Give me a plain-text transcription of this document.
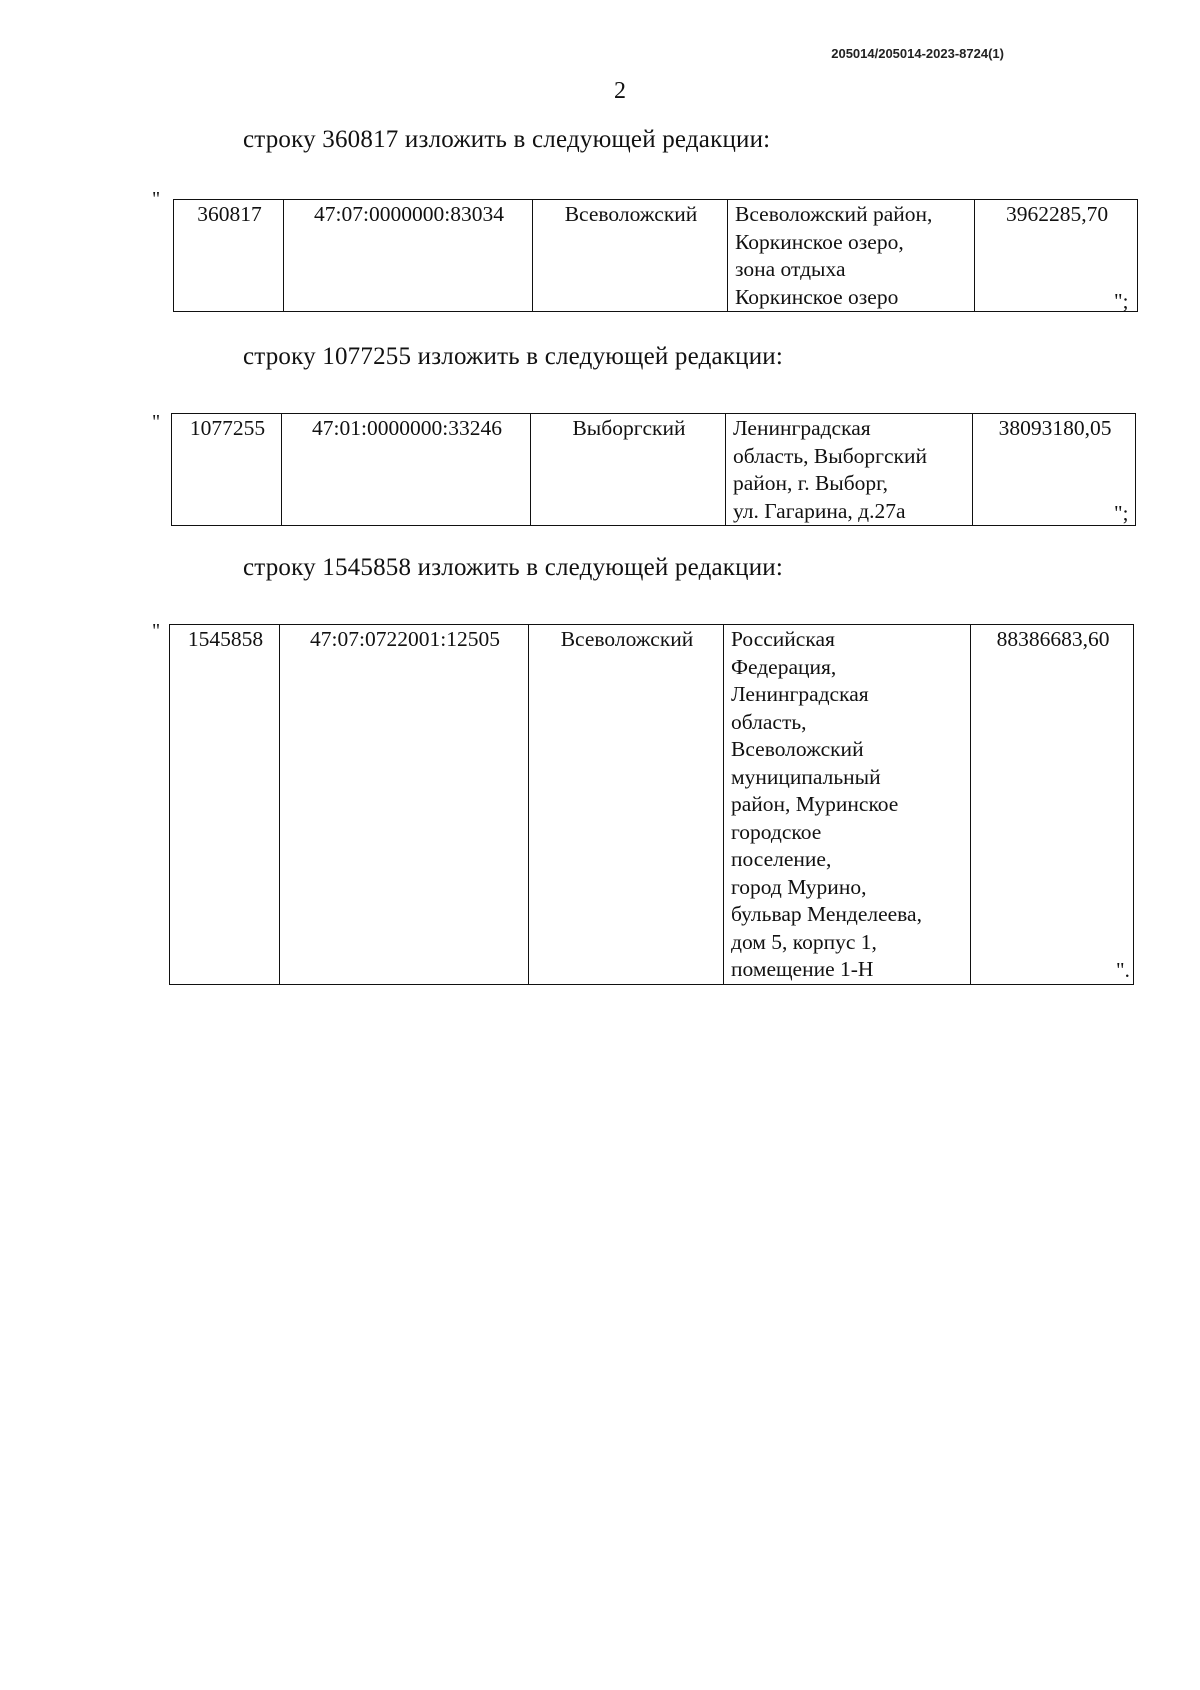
205014/205014-2023-8724(1)
2
строку 360817 изложить в следующей редакции:
"
360817	47:07:0000000:83034	Всеволожский	Всеволожский район,
Коркинское озеро,
зона отдыха
Коркинское озеро
	3962285,70
";
строку 1077255 изложить в следующей редакции:
" 1077255	47:01:0000000:33246	Выборгский	Ленинградская
область, Выборгский
район, г. Выборг,
ул. Гагарина, д.27а
	38093180,05
";
строку 1545858 изложить в следующей редакции:
" 1545858	47:07:0722001:12505	Всеволожский	Российская
Федерация,
Ленинградская
область,
Всеволожский
муниципальный
район, Муринское
городское
поселение,
город Мурино,
бульвар Менделеева,
дом 5, корпус 1,
помещение 1-Н
	88386683,60
".
